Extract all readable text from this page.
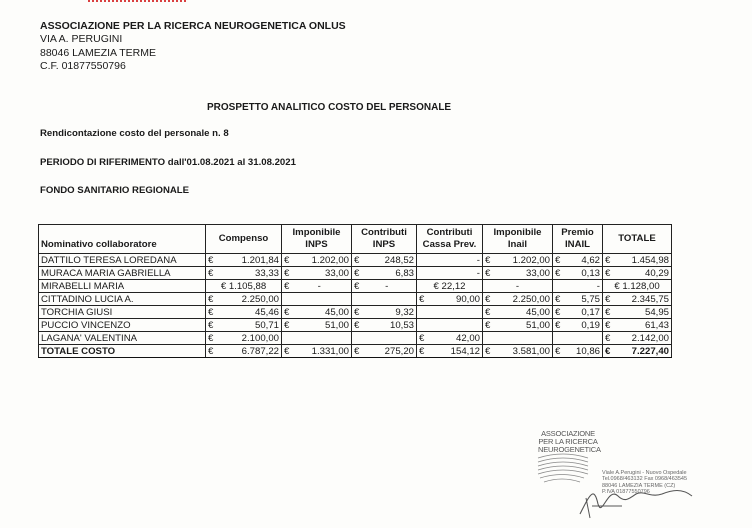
ASSOCIAZIONE PER LA RICERCA NEUROGENETICA ONLUS
VIA A. PERUGINI
88046 LAMEZIA TERME
C.F. 01877550796
PROSPETTO ANALITICO COSTO DEL PERSONALE
Rendicontazione costo del personale n. 8
PERIODO DI RIFERIMENTO dall'01.08.2021 al 31.08.2021
FONDO SANITARIO REGIONALE
Nominativo collaboratore	Compenso	Imponibile INPS	Contributi INPS	Contributi Cassa Prev.	Imponibile Inail	Premio INAIL	TOTALE
DATTILO TERESA LOREDANA	€ 1.201,84	€ 1.202,00	€ 248,52	-	€ 1.202,00	€ 4,62	€ 1.454,98

MURACA MARIA GABRIELLA	€ 33,33	€ 33,00	€ 6,83	-	€ 33,00	€ 0,13	€ 40,29

MIRABELLI MARIA	€ 1.105,88	€ -	€ -	€ 22,12	-	-	€ 1.128,00
CITTADINO LUCIA A.	€ 2.250,00			€ 90,00	€ 2.250,00	€ 5,75	€ 2.345,75

TORCHIA GIUSI	€ 45,46	€ 45,00	€ 9,32		€ 45,00	€ 0,17	€ 54,95

PUCCIO VINCENZO	€ 50,71	€ 51,00	€ 10,53		€ 51,00	€ 0,19	€ 61,43

LAGANA' VALENTINA	€ 2.100,00			€ 42,00			€ 2.142,00

TOTALE COSTO	€ 6.787,22	€ 1.331,00	€ 275,20	€ 154,12	€ 3.581,00	€ 10,86	€ 7.227,40
ASSOCIAZIONE
PER LA RICERCA
NEUROGENETICA
Viale A.Perugini - Nuovo Ospedale
Tel.0968/463132 Fax 0968/463545
88046 LAMEZIA TERME (CZ)
P.IVA 01877550796
